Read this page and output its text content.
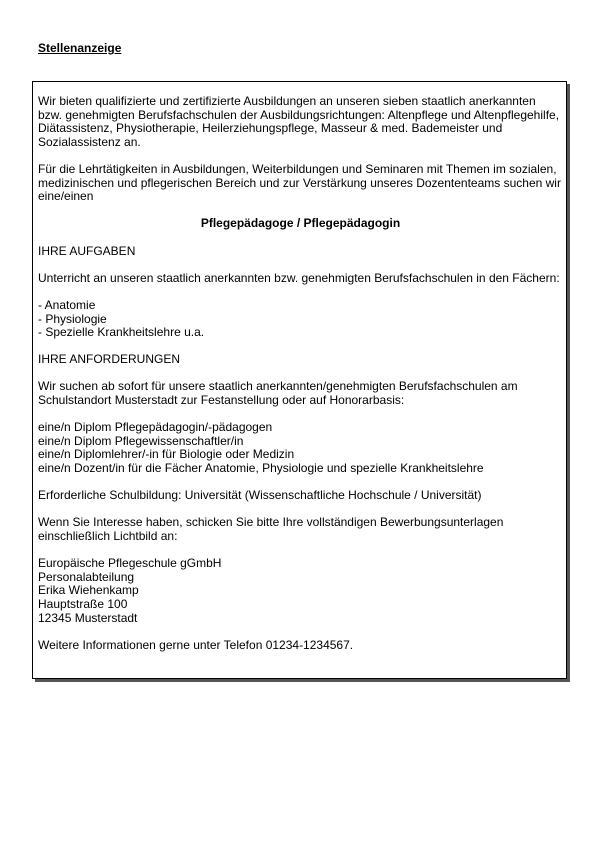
Stellenanzeige

Wir bieten qualifizierte und zertifizierte Ausbildungen an unseren sieben staatlich anerkannten
bzw. genehmigten Berufsfachschulen der Ausbildungsrichtungen: Altenpflege und Altenpflegehilfe,
Diätassistenz, Physiotherapie, Heilerziehungspflege, Masseur & med. Bademeister und
Sozialassistenz an.

Für die Lehrtätigkeiten in Ausbildungen, Weiterbildungen und Seminaren mit Themen im sozialen,
medizinischen und pflegerischen Bereich und zur Verstärkung unseres Dozententeams suchen wir
eine/einen

Pflegepädagoge / Pflegepädagogin

IHRE AUFGABEN

Unterricht an unseren staatlich anerkannten bzw. genehmigten Berufsfachschulen in den Fächern:

- Anatomie
- Physiologie
- Spezielle Krankheitslehre u.a.

IHRE ANFORDERUNGEN

Wir suchen ab sofort für unsere staatlich anerkannten/genehmigten Berufsfachschulen am
Schulstandort Musterstadt zur Festanstellung oder auf Honorarbasis:

eine/n Diplom Pflegepädagogin/-pädagogen
eine/n Diplom Pflegewissenschaftler/in
eine/n Diplomlehrer/-in für Biologie oder Medizin
eine/n Dozent/in für die Fächer Anatomie, Physiologie und spezielle Krankheitslehre

Erforderliche Schulbildung: Universität (Wissenschaftliche Hochschule / Universität)

Wenn Sie Interesse haben, schicken Sie bitte Ihre vollständigen Bewerbungsunterlagen
einschließlich Lichtbild an:

Europäische Pflegeschule gGmbH
Personalabteilung
Erika Wiehenkamp
Hauptstraße 100
12345 Musterstadt

Weitere Informationen gerne unter Telefon 01234-1234567.
